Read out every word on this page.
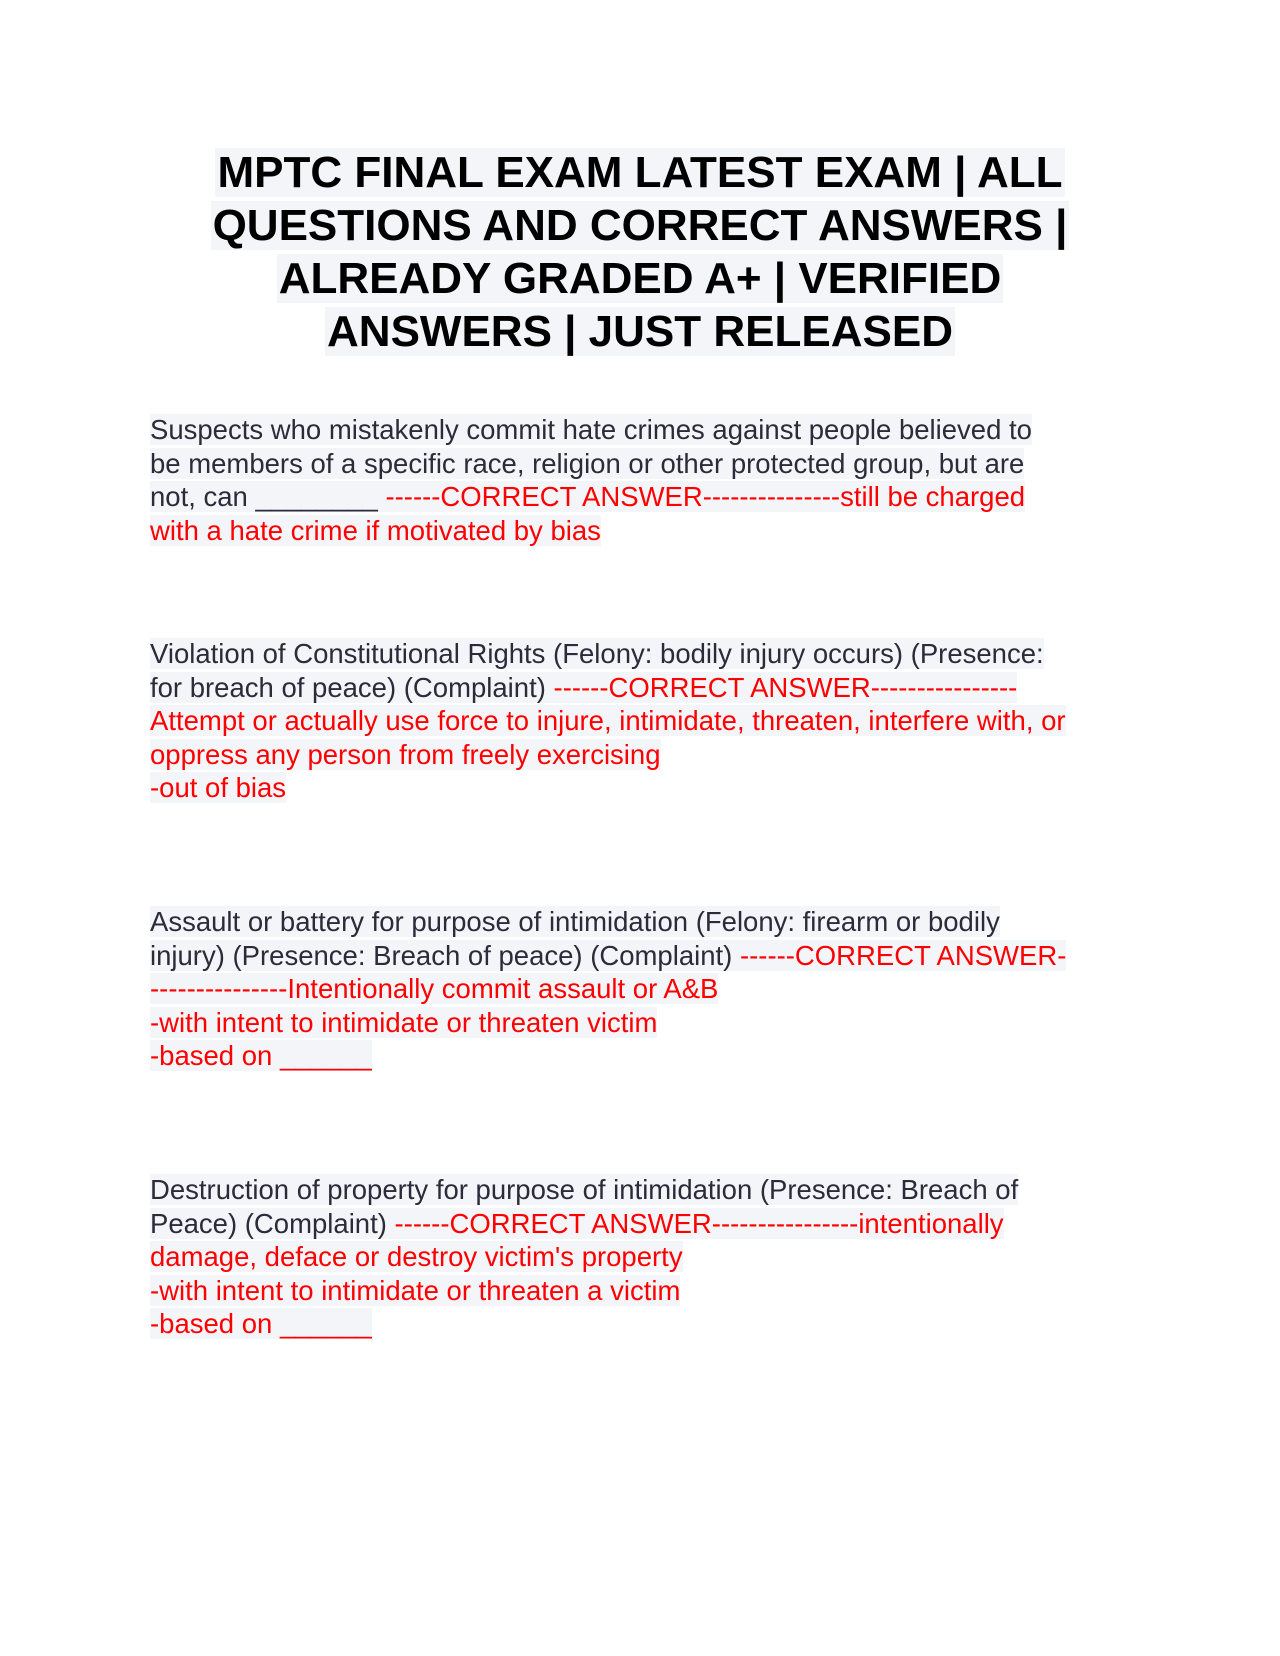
MPTC FINAL EXAM LATEST EXAM | ALL
QUESTIONS AND CORRECT ANSWERS |
ALREADY GRADED A+ | VERIFIED
ANSWERS | JUST RELEASED
Suspects who mistakenly commit hate crimes against people believed to
be members of a specific race, religion or other protected group, but are
not, can ________ ------CORRECT ANSWER---------------still be charged
with a hate crime if motivated by bias
Violation of Constitutional Rights (Felony: bodily injury occurs) (Presence:
for breach of peace) (Complaint) ------CORRECT ANSWER----------------
Attempt or actually use force to injure, intimidate, threaten, interfere with, or
oppress any person from freely exercising
-out of bias
Assault or battery for purpose of intimidation (Felony: firearm or bodily
injury) (Presence: Breach of peace) (Complaint) ------CORRECT ANSWER-
---------------Intentionally commit assault or A&B
-with intent to intimidate or threaten victim
-based on ______
Destruction of property for purpose of intimidation (Presence: Breach of
Peace) (Complaint) ------CORRECT ANSWER----------------intentionally
damage, deface or destroy victim's property
-with intent to intimidate or threaten a victim
-based on ______
